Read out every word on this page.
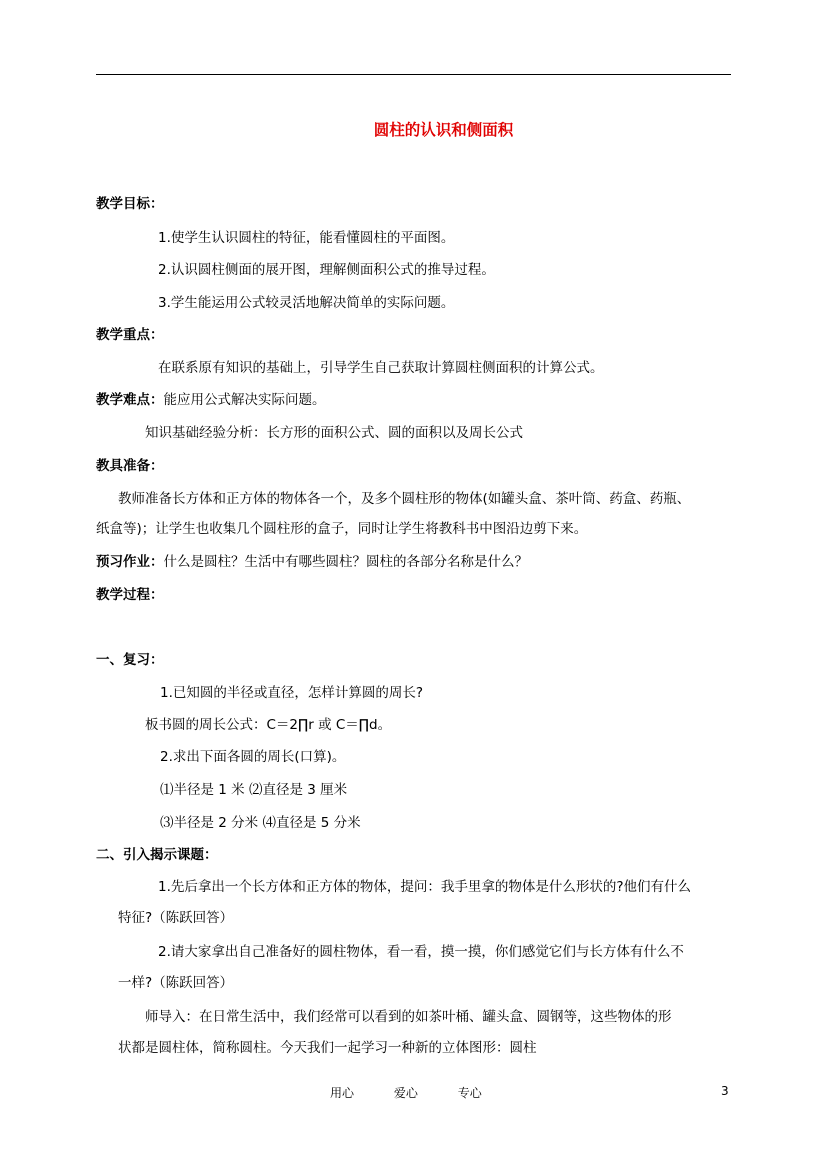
圆柱的认识和侧面积
教学目标：
1.使学生认识圆柱的特征，能看懂圆柱的平面图。
2.认识圆柱侧面的展开图，理解侧面积公式的推导过程。
3.学生能运用公式较灵活地解决简单的实际问题。
教学重点：
在联系原有知识的基础上，引导学生自己获取计算圆柱侧面积的计算公式。
教学难点：能应用公式解决实际问题。
知识基础经验分析：长方形的面积公式、圆的面积以及周长公式
教具准备：
教师准备长方体和正方体的物体各一个，及多个圆柱形的物体(如罐头盒、茶叶筒、药盒、药瓶、
纸盒等)；让学生也收集几个圆柱形的盒子，同时让学生将教科书中图沿边剪下来。
预习作业：什么是圆柱？生活中有哪些圆柱？圆柱的各部分名称是什么？
教学过程：
一、复习：
1.已知圆的半径或直径，怎样计算圆的周长?
板书圆的周长公式：C＝2∏r 或 C＝∏d。
2.求出下面各圆的周长(口算)。
⑴半径是 1 米 ⑵直径是 3 厘米
⑶半径是 2 分米 ⑷直径是 5 分米
二、引入揭示课题：
1.先后拿出一个长方体和正方体的物体，提问：我手里拿的物体是什么形状的?他们有什么
特征?（陈跃回答）
2.请大家拿出自己准备好的圆柱物体，看一看，摸一摸，你们感觉它们与长方体有什么不
一样?（陈跃回答）
师导入：在日常生活中，我们经常可以看到的如茶叶桶、罐头盒、圆钢等，这些物体的形
状都是圆柱体，简称圆柱。今天我们一起学习一种新的立体图形：圆柱
用心	爱心	专心	3
